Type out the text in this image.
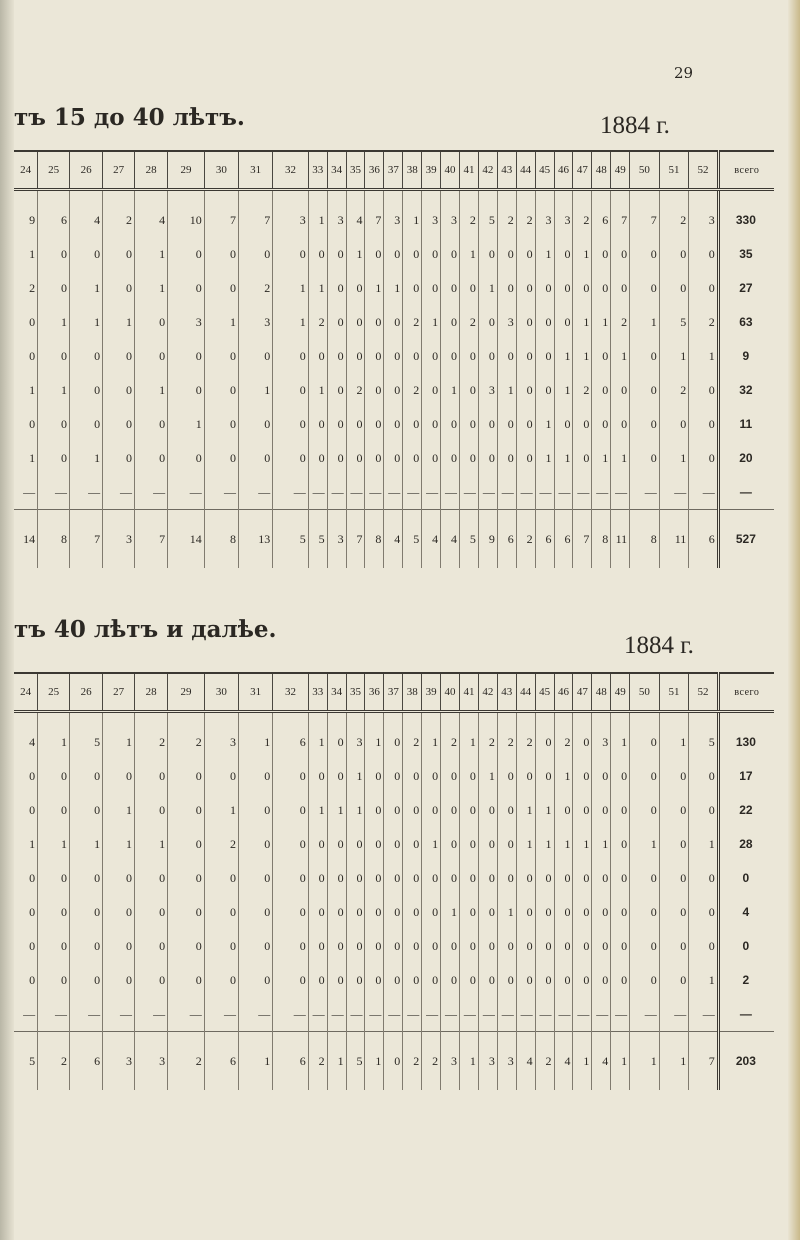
29
тъ 15 до 40 лѣтъ.	1884 г.
24	25	26	27	28	29	30	31	32	33	34	35	36	37	38	39	40	41	42	43	44	45	46	47	48	49	50	51	52	всего
9	6	4	2	4	10	7	7	3	1	3	4	7	3	1	3	3	2	5	2	2	3	3	2	6	7	7	2	3	330
1	0	0	0	1	0	0	0	0	0	0	1	0	0	0	0	0	1	0	0	0	1	0	1	0	0	0	0	0	35
2	0	1	0	1	0	0	2	1	1	0	0	1	1	0	0	0	0	1	0	0	0	0	0	0	0	0	0	0	27
0	1	1	1	0	3	1	3	1	2	0	0	0	0	2	1	0	2	0	3	0	0	0	1	1	2	1	5	2	63
0	0	0	0	0	0	0	0	0	0	0	0	0	0	0	0	0	0	0	0	0	0	1	1	0	1	0	1	1	9
1	1	0	0	1	0	0	1	0	1	0	2	0	0	2	0	1	0	3	1	0	0	1	2	0	0	0	2	0	32
0	0	0	0	0	1	0	0	0	0	0	0	0	0	0	0	0	0	0	0	0	1	0	0	0	0	0	0	0	11
1	0	1	0	0	0	0	0	0	0	0	0	0	0	0	0	0	0	0	0	0	1	1	0	1	1	0	1	0	20
—	—	—	—	—	—	—	—	—	—	—	—	—	—	—	—	—	—	—	—	—	—	—	—	—	—	—	—	—	—
14	8	7	3	7	14	8	13	5	5	3	7	8	4	5	4	4	5	9	6	2	6	6	7	8	11	8	11	6	527
тъ 40 лѣтъ и далѣе.
1884 г.
24	25	26	27	28	29	30	31	32	33	34	35	36	37	38	39	40	41	42	43	44	45	46	47	48	49	50	51	52	всего
4	1	5	1	2	2	3	1	6	1	0	3	1	0	2	1	2	1	2	2	2	0	2	0	3	1	0	1	5	130
0	0	0	0	0	0	0	0	0	0	0	1	0	0	0	0	0	0	1	0	0	0	1	0	0	0	0	0	0	17
0	0	0	1	0	0	1	0	0	1	1	1	0	0	0	0	0	0	0	0	1	1	0	0	0	0	0	0	0	22
1	1	1	1	1	0	2	0	0	0	0	0	0	0	0	1	0	0	0	0	1	1	1	1	1	0	1	0	1	28
0	0	0	0	0	0	0	0	0	0	0	0	0	0	0	0	0	0	0	0	0	0	0	0	0	0	0	0	0	0
0	0	0	0	0	0	0	0	0	0	0	0	0	0	0	0	1	0	0	1	0	0	0	0	0	0	0	0	0	4
0	0	0	0	0	0	0	0	0	0	0	0	0	0	0	0	0	0	0	0	0	0	0	0	0	0	0	0	0	0
0	0	0	0	0	0	0	0	0	0	0	0	0	0	0	0	0	0	0	0	0	0	0	0	0	0	0	0	1	2
—	—	—	—	—	—	—	—	—	—	—	—	—	—	—	—	—	—	—	—	—	—	—	—	—	—	—	—	—	—
5	2	6	3	3	2	6	1	6	2	1	5	1	0	2	2	3	1	3	3	4	2	4	1	4	1	1	1	7	203
